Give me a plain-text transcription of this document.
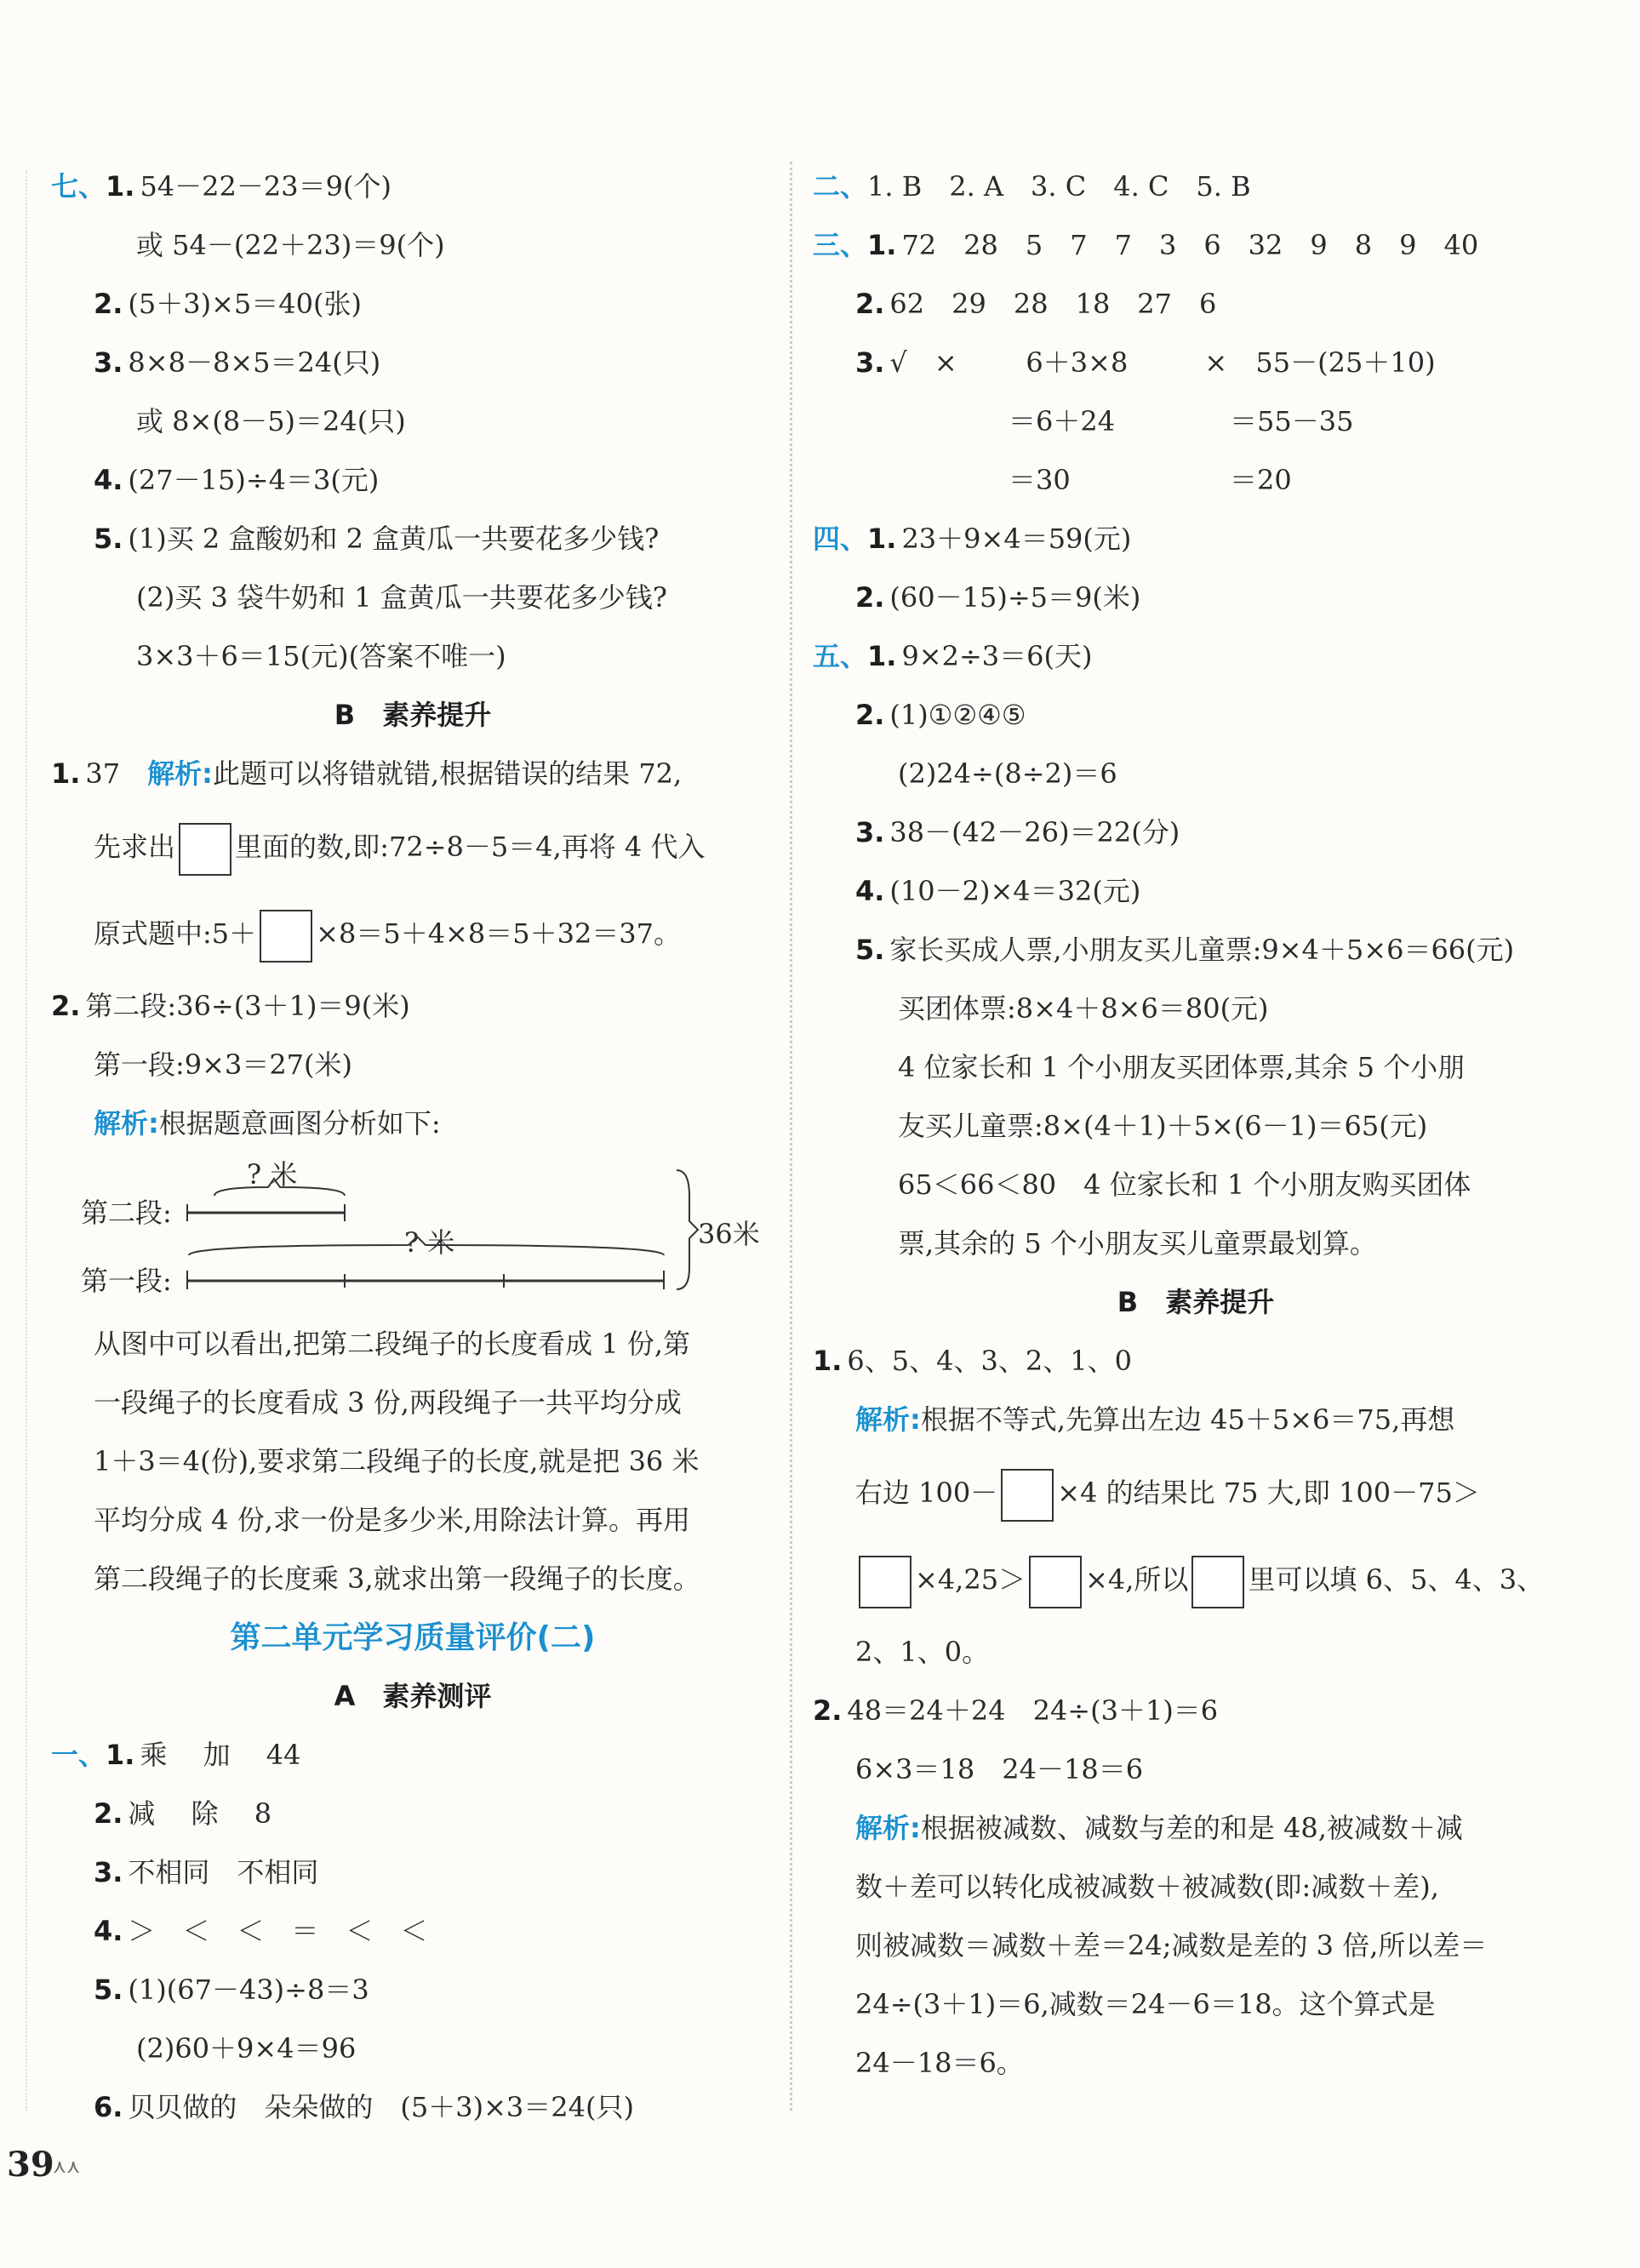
七、1. 54－22－23＝9(个)
或 54－(22＋23)＝9(个)
2. (5＋3)×5＝40(张)
3. 8×8－8×5＝24(只)
或 8×(8－5)＝24(只)
4. (27－15)÷4＝3(元)
5. (1)买 2 盒酸奶和 2 盒黄瓜一共要花多少钱?
(2)买 3 袋牛奶和 1 盒黄瓜一共要花多少钱?
3×3＋6＝15(元)(答案不唯一)
B　素养提升
1. 37　 解析:此题可以将错就错,根据错误的结果 72,
先求出 里面的数,即:72÷8－5＝4,再将 4 代入
原式题中:5＋ ×8＝5＋4×8＝5＋32＝37。
2. 第二段:36÷(3＋1)＝9(米)
第一段:9×3＝27(米)
解析:根据题意画图分析如下:
? 米
? 米
第二段:
第一段:
36米
从图中可以看出,把第二段绳子的长度看成 1 份,第
一段绳子的长度看成 3 份,两段绳子一共平均分成
1＋3＝4(份),要求第二段绳子的长度,就是把 36 米
平均分成 4 份,求一份是多少米,用除法计算。再用
第二段绳子的长度乘 3,就求出第一段绳子的长度。
第二单元学习质量评价(二)
A　素养测评
一、1. 乘　 加　 44
2. 减　 除　 8
3. 不相同　不相同
4. ＞　＜　＜　＝　＜　＜
5. (1)(67－43)÷8＝3
(2)60＋9×4＝96
6. 贝贝做的　朵朵做的　(5＋3)×3＝24(只)
二、1. B　2. A　3. C　4. C　5. B
三、1. 72　28　5　7　7　3　6　32　9　8　9　40
2. 62　29　28　18　27　6
3. √　×	6＋3×8	× 55－(25＋10)
＝6＋24	＝55－35
＝30	＝20
四、1. 23＋9×4＝59(元)
2. (60－15)÷5＝9(米)
五、1. 9×2÷3＝6(天)
2. (1)①②④⑤
(2)24÷(8÷2)＝6
3. 38－(42－26)＝22(分)
4. (10－2)×4＝32(元)
5. 家长买成人票,小朋友买儿童票:9×4＋5×6＝66(元)
买团体票:8×4＋8×6＝80(元)
4 位家长和 1 个小朋友买团体票,其余 5 个小朋
友买儿童票:8×(4＋1)＋5×(6－1)＝65(元)
65＜66＜80　4 位家长和 1 个小朋友购买团体
票,其余的 5 个小朋友买儿童票最划算。
B　素养提升
1. 6、5、4、3、2、1、0
解析:根据不等式,先算出左边 45＋5×6＝75,再想
右边 100－ ×4 的结果比 75 大,即 100－75＞
×4,25＞ ×4,所以 里可以填 6、5、4、3、
2、1、0。
2. 48＝24＋24　24÷(3＋1)＝6
6×3＝18　24－18＝6
解析:根据被减数、减数与差的和是 48,被减数＋减
数＋差可以转化成被减数＋被减数(即:减数＋差),
则被减数＝减数＋差＝24;减数是差的 3 倍,所以差＝
24÷(3＋1)＝6,减数＝24－6＝18。这个算式是
24－18＝6。
39
⋏⋏
